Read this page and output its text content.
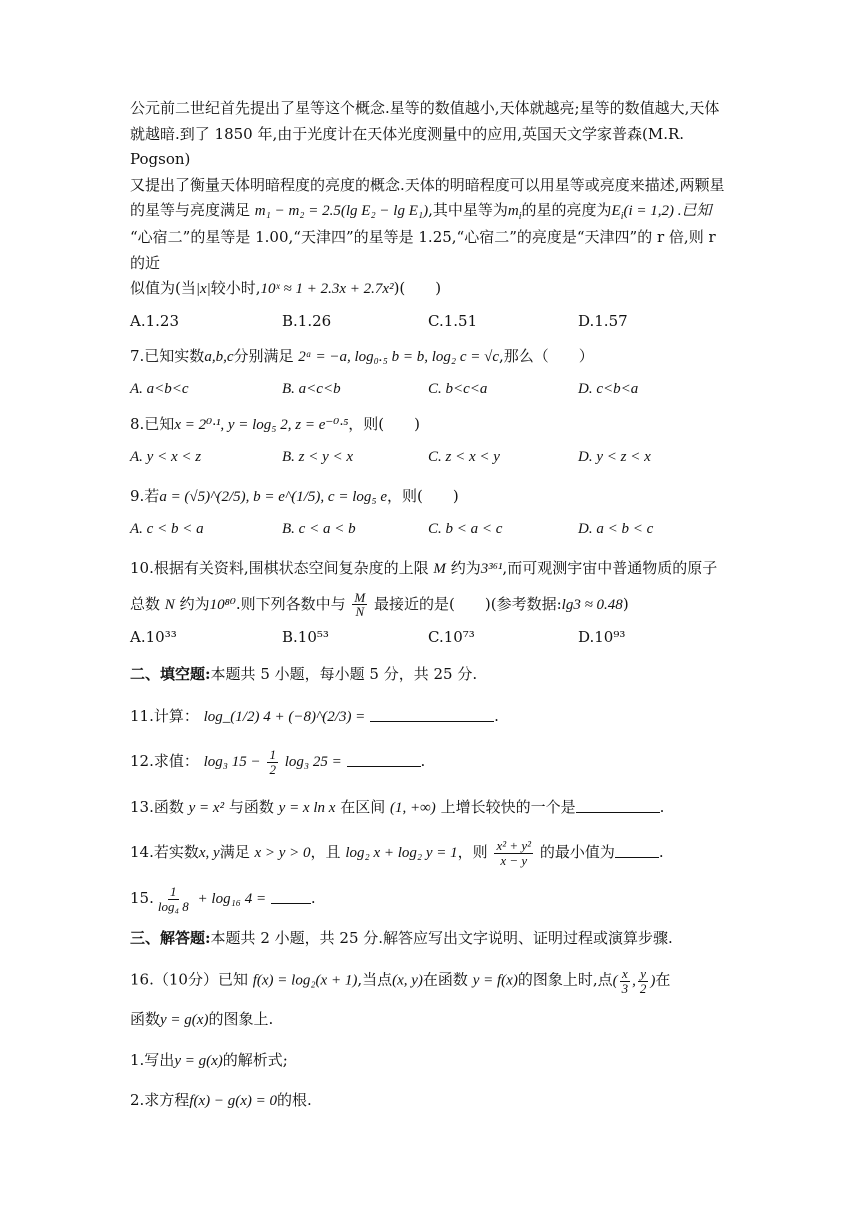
公元前二世纪首先提出了星等这个概念.星等的数值越小,天体就越亮;星等的数值越大,天体
就越暗.到了 1850 年,由于光度计在天体光度测量中的应用,英国天文学家普森(M.R. Pogson)
又提出了衡量天体明暗程度的亮度的概念.天体的明暗程度可以用星等或亮度来描述,两颗星
的星等与亮度满足 m₁ − m₂ = 2.5(lg E₂ − lg E₁),其中星等为$m_i$的星的亮度为$E_i(i = 1,2)$ .已知
“心宿二”的星等是 1.00,“天津四”的星等是 1.25,“心宿二”的亮度是“天津四”的 r 倍,则 r 的近
似值为(当|x|较小时,10ˣ ≈ 1 + 2.3x + 2.7x²)(　　)

A.1.23	B.1.26	C.1.51	D.1.57
7.已知实数a,b,c分别满足 2ᵃ = −a, log₀.₅ b = b, log₂ c = √c,那么（　　）
A. a<b<c	B. a<c<b	C. b<c<a	D. c<b<a
8.已知x = 2⁰·¹, y = log₅ 2, z = e⁻⁰·⁵，则(　　)
A. y < x < z	B. z < y < x	C. z < x < y	D. y < z < x
9.若a = (√5)^(2/5), b = e^(1/5), c = log₅ e，则(　　)
A. c < b < a	B. c < a < b	C. b < a < c	D. a < b < c
10.根据有关资料,围棋状态空间复杂度的上限 M 约为3³⁶¹,而可观测宇宙中普通物质的原子

总数 N 约为10⁸⁰.则下列各数中与 $\frac{M}{N}$ 最接近的是(　　)(参考数据:lg3 ≈ 0.48)
A.10³³	B.10⁵³	C.10⁷³	D.10⁹³
二、填空题:本题共 5 小题，每小题 5 分，共 25 分.
11.计算： log_(1/2) 4 + (−8)^(2/3) =	.
12.求值： log₃ $15 - \frac{1}{2} \log_3$ 25 =	.
13.函数 y = x² 与函数 y = x ln x 在区间 (1, +∞) 上增长较快的一个是	.
14.若实数x, y满足 x > y > 0，且 log₂ x + log₂ y = 1，则 $\frac{\text{x² + y²}}{x - y}$ 的最小值为	.
15. $\frac{1}{\text{log₄ 8}} + \log_{16}$ 4 =	.
三、解答题:本题共 2 小题，共 25 分.解答应写出文字说明、证明过程或演算步骤.
16.（10分）已知 f(x) = log₂(x + 1),当点(x, y)在函数 y = f(x)的图象上时,点( $\frac{x}{3}$ , $\frac{y}{2}$ )在
函数y = g(x)的图象上.
1.写出y = g(x)的解析式;
2.求方程f(x) − g(x) = 0的根.
